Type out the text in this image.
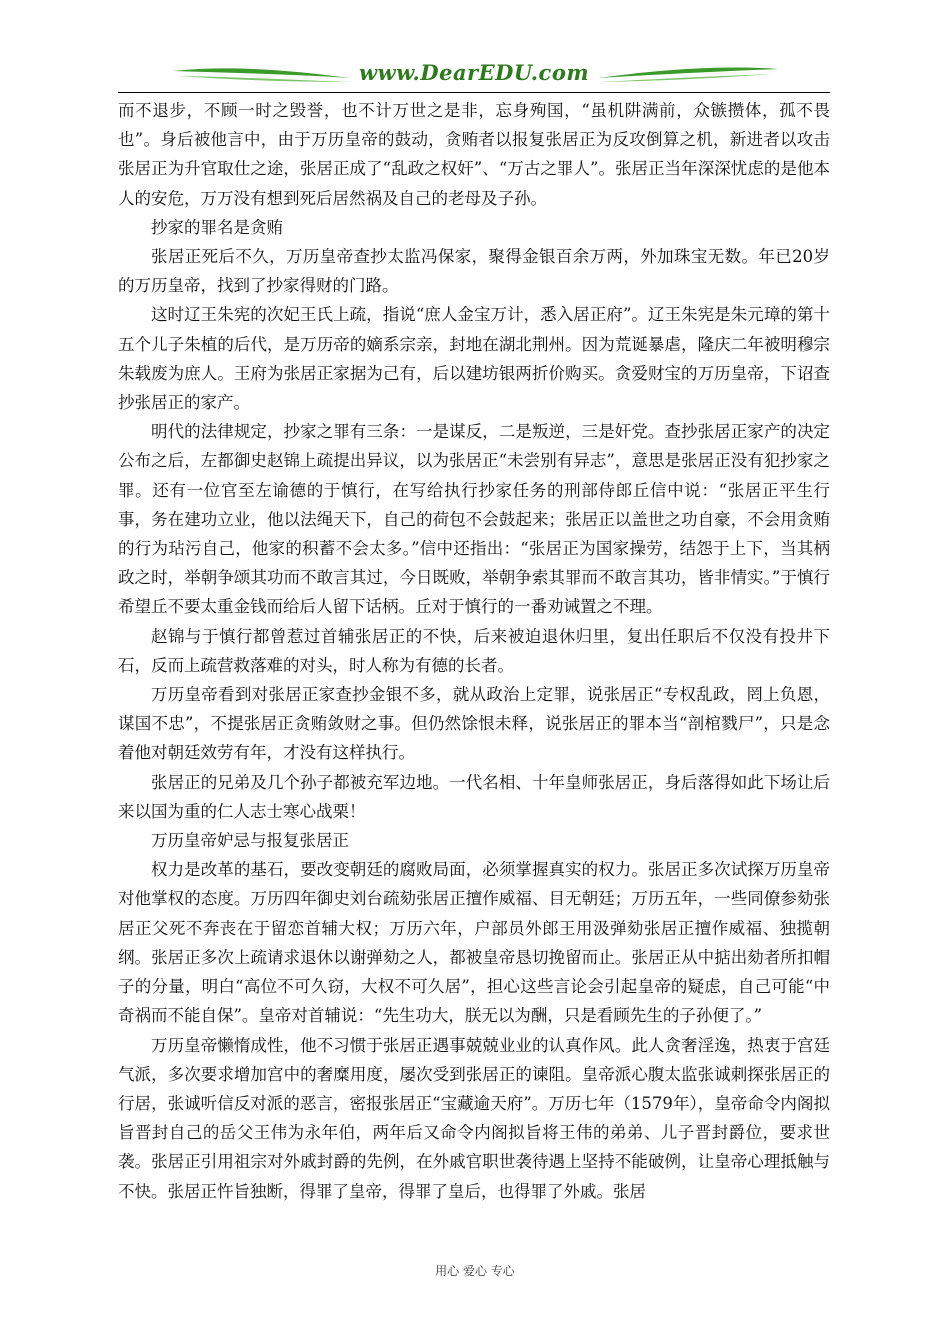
www.DearEDU.com

而不退步，不顾一时之毁誉，也不计万世之是非，忘身殉国，“虽机阱满前，众镞攒体，孤不畏也”。身后被他言中，由于万历皇帝的鼓动，贪贿者以报复张居正为反攻倒算之机，新进者以攻击张居正为升官取仕之途，张居正成了“乱政之权奸”、“万古之罪人”。张居正当年深深忧虑的是他本人的安危，万万没有想到死后居然祸及自己的老母及子孙。

抄家的罪名是贪贿

张居正死后不久，万历皇帝查抄太监冯保家，聚得金银百余万两，外加珠宝无数。年已20岁的万历皇帝，找到了抄家得财的门路。

这时辽王朱宪的次妃王氏上疏，指说“庶人金宝万计，悉入居正府”。辽王朱宪是朱元璋的第十五个儿子朱植的后代，是万历帝的嫡系宗亲，封地在湖北荆州。因为荒诞暴虐，隆庆二年被明穆宗朱载废为庶人。王府为张居正家据为己有，后以建坊银两折价购买。贪爱财宝的万历皇帝，下诏查抄张居正的家产。

明代的法律规定，抄家之罪有三条：一是谋反，二是叛逆，三是奸党。查抄张居正家产的决定公布之后，左都御史赵锦上疏提出异议，以为张居正“未尝别有异志”，意思是张居正没有犯抄家之罪。还有一位官至左谕德的于慎行，在写给执行抄家任务的刑部侍郎丘信中说：“张居正平生行事，务在建功立业，他以法绳天下，自己的荷包不会鼓起来；张居正以盖世之功自豪，不会用贪贿的行为玷污自己，他家的积蓄不会太多。”信中还指出：“张居正为国家操劳，结怨于上下，当其柄政之时，举朝争颂其功而不敢言其过，今日既败，举朝争索其罪而不敢言其功，皆非情实。”于慎行希望丘不要太重金钱而给后人留下话柄。丘对于慎行的一番劝诫置之不理。

赵锦与于慎行都曾惹过首辅张居正的不快，后来被迫退休归里，复出任职后不仅没有投井下石，反而上疏营救落难的对头，时人称为有德的长者。

万历皇帝看到对张居正家查抄金银不多，就从政治上定罪，说张居正“专权乱政，罔上负恩，谋国不忠”，不提张居正贪贿敛财之事。但仍然馀恨未释，说张居正的罪本当“剖棺戮尸”，只是念着他对朝廷效劳有年，才没有这样执行。

张居正的兄弟及几个孙子都被充军边地。一代名相、十年皇师张居正，身后落得如此下场让后来以国为重的仁人志士寒心战栗！

万历皇帝妒忌与报复张居正

权力是改革的基石，要改变朝廷的腐败局面，必须掌握真实的权力。张居正多次试探万历皇帝对他掌权的态度。万历四年御史刘台疏劾张居正擅作威福、目无朝廷；万历五年，一些同僚参劾张居正父死不奔丧在于留恋首辅大权；万历六年，户部员外郎王用汲弹劾张居正擅作威福、独揽朝纲。张居正多次上疏请求退休以谢弹劾之人，都被皇帝恳切挽留而止。张居正从中掂出劾者所扣帽子的分量，明白“高位不可久窃，大权不可久居”，担心这些言论会引起皇帝的疑虑，自己可能“中奇祸而不能自保”。皇帝对首辅说：“先生功大，朕无以为酬，只是看顾先生的子孙便了。”

万历皇帝懒惰成性，他不习惯于张居正遇事兢兢业业的认真作风。此人贪奢淫逸，热衷于宫廷气派，多次要求增加宫中的奢糜用度，屡次受到张居正的谏阻。皇帝派心腹太监张诚刺探张居正的行居，张诚听信反对派的恶言，密报张居正“宝藏逾天府”。万历七年（1579年），皇帝命令内阁拟旨晋封自己的岳父王伟为永年伯，两年后又命令内阁拟旨将王伟的弟弟、儿子晋封爵位，要求世袭。张居正引用祖宗对外戚封爵的先例，在外戚官职世袭待遇上坚持不能破例，让皇帝心理抵触与不快。张居正忤旨独断，得罪了皇帝，得罪了皇后，也得罪了外戚。张居

用心 爱心 专心
